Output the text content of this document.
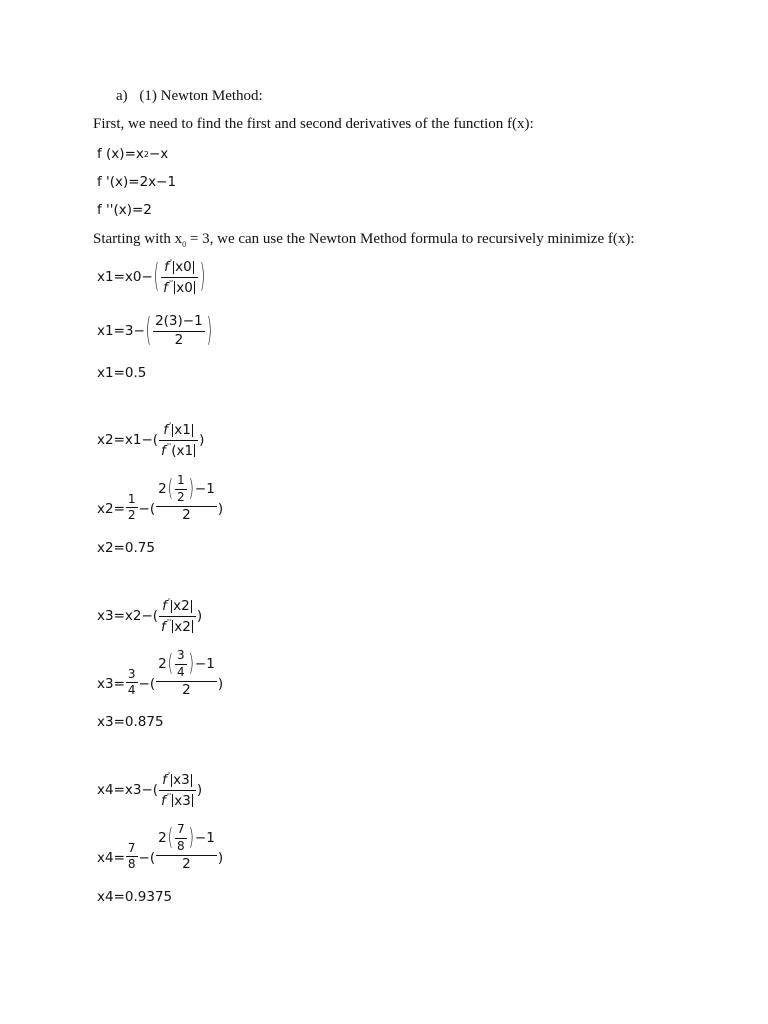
a) (1) Newton Method:
First, we need to find the first and second derivatives of the function f(x):
f (x)=x 2 −x
f '(x)=2x−1
f ''(x)=2
Starting with $x_0 = 3$, we can use the Newton Method formula to recursively minimize f(x):
x1=x0− ( $\frac{f' x0}{f'' x0}$ )
x1=3− ( $\frac{2(3)-1}{2}$ )
x1=0.5
$x2=x1-( \frac{f' x1}{f''(x1}$ )
$x2= \frac{1}{2}$ −( $\frac{2 ( \frac{1}{2} ) -1}{2}$ )
x2=0.75
$x3=x2-( \frac{f' x2}{f'' x2}$ )
$x3= \frac{3}{4}$ −( $\frac{2 ( \frac{3}{4} ) -1}{2}$ )
x3=0.875
$x4=x3-( \frac{f' x3}{f'' x3}$ )
$x4= \frac{7}{8}$ −( $\frac{2 ( \frac{7}{8} ) -1}{2}$ )
x4=0.9375
